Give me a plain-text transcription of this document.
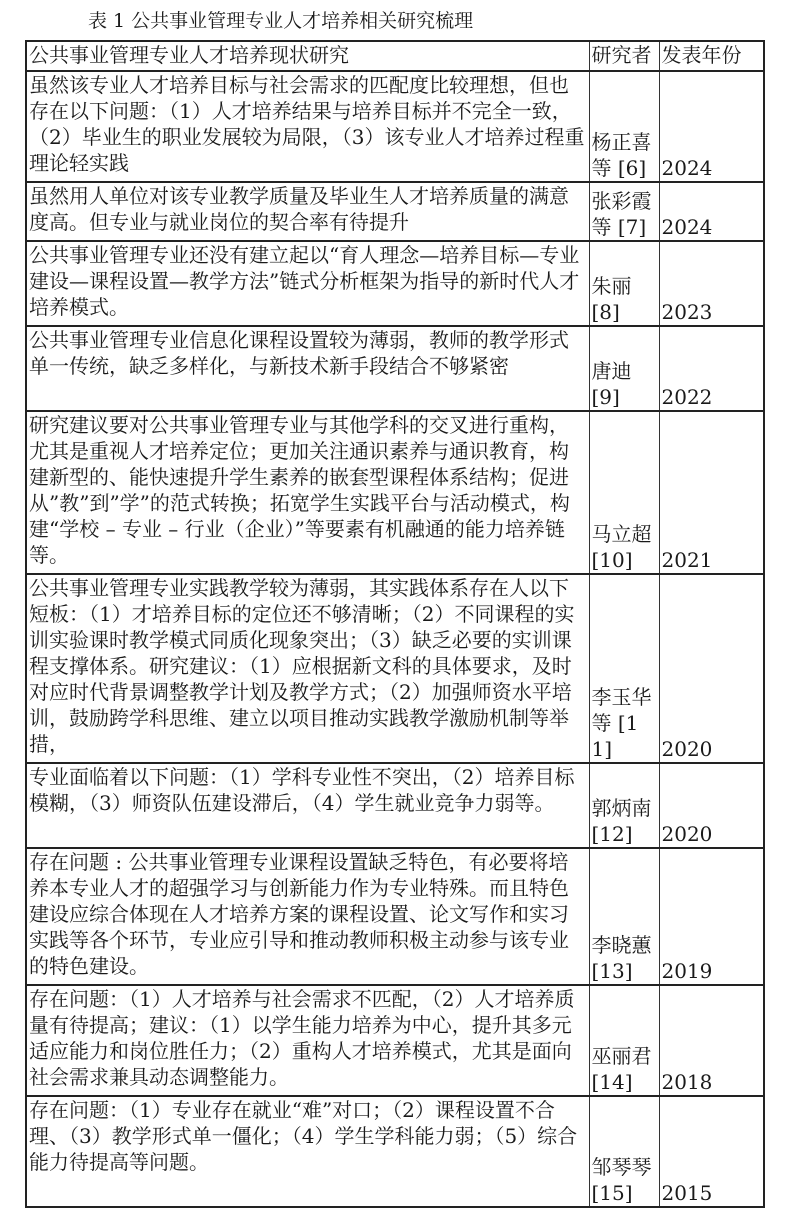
表 1 公共事业管理专业人才培养相关研究梳理
公共事业管理专业人才培养现状研究	研究者	发表年份
虽然该专业人才培养目标与社会需求的匹配度比较理想，但也存在以下问题：（1）人才培养结果与培养目标并不完全一致，（2）毕业生的职业发展较为局限，（3）该专业人才培养过程重理论轻实践	杨正喜等 [6]	2024
虽然用人单位对该专业教学质量及毕业生人才培养质量的满意度高。但专业与就业岗位的契合率有待提升	张彩霞等 [7]	2024
公共事业管理专业还没有建立起以“育人理念—培养目标—专业建设—课程设置—教学方法”链式分析框架为指导的新时代人才培养模式。	朱丽 [8]	2023
公共事业管理专业信息化课程设置较为薄弱，教师的教学形式单一传统，缺乏多样化，与新技术新手段结合不够紧密	唐迪 [9]	2022
研究建议要对公共事业管理专业与其他学科的交叉进行重构，尤其是重视人才培养定位；更加关注通识素养与通识教育，构建新型的、能快速提升学生素养的嵌套型课程体系结构；促进从”教”到”学”的范式转换；拓宽学生实践平台与活动模式，构建“学校 – 专业 – 行业（企业）”等要素有机融通的能力培养链等。	马立超 [10]	2021
公共事业管理专业实践教学较为薄弱，其实践体系存在人以下短板：（1）才培养目标的定位还不够清晰；（2）不同课程的实训实验课时教学模式同质化现象突出；（3）缺乏必要的实训课程支撑体系。研究建议：（1）应根据新文科的具体要求，及时对应时代背景调整教学计划及教学方式；（2）加强师资水平培训，鼓励跨学科思维、建立以项目推动实践教学激励机制等举措，	李玉华等 [11]	2020
专业面临着以下问题：（1）学科专业性不突出，（2）培养目标模糊，（3）师资队伍建设滞后，（4）学生就业竞争力弱等。	郭炳南 [12]	2020
存在问题 : 公共事业管理专业课程设置缺乏特色，有必要将培养本专业人才的超强学习与创新能力作为专业特殊。而且特色建设应综合体现在人才培养方案的课程设置、论文写作和实习实践等各个环节，专业应引导和推动教师积极主动参与该专业的特色建设。	李晓蕙 [13]	2019
存在问题：（1）人才培养与社会需求不匹配，（2）人才培养质量有待提高；建议：（1）以学生能力培养为中心，提升其多元适应能力和岗位胜任力；（2）重构人才培养模式，尤其是面向社会需求兼具动态调整能力。	巫丽君 [14]	2018
存在问题：（1）专业存在就业“难”对口；（2）课程设置不合理、（3）教学形式单一僵化；（4）学生学科能力弱；（5）综合能力待提高等问题。	邹琴琴 [15]	2015
